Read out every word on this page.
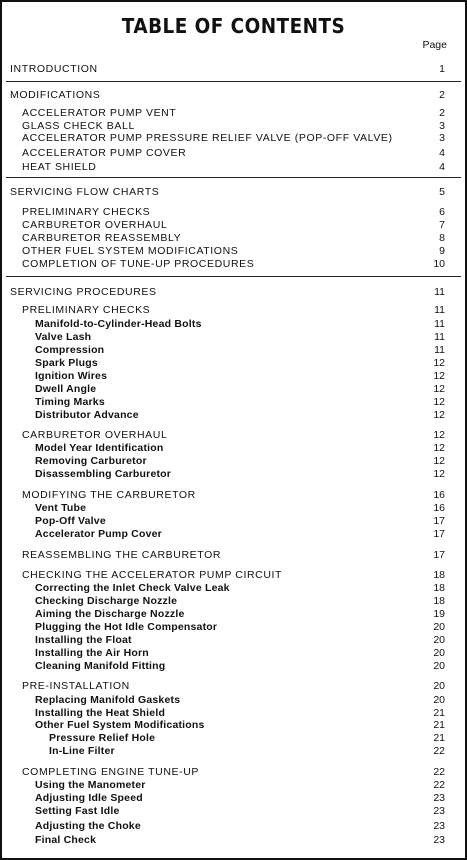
TABLE OF CONTENTS
Page
INTRODUCTION	1
MODIFICATIONS	2
ACCELERATOR PUMP VENT	2
GLASS CHECK BALL	3
ACCELERATOR PUMP PRESSURE RELIEF VALVE (POP-OFF VALVE)	3
ACCELERATOR PUMP COVER	4
HEAT SHIELD	4
SERVICING FLOW CHARTS	5
PRELIMINARY CHECKS	6
CARBURETOR OVERHAUL	7
CARBURETOR REASSEMBLY	8
OTHER FUEL SYSTEM MODIFICATIONS	9
COMPLETION OF TUNE-UP PROCEDURES	10
SERVICING PROCEDURES	11
PRELIMINARY CHECKS	11
Manifold-to-Cylinder-Head Bolts	11
Valve Lash	11
Compression	11
Spark Plugs	12
Ignition Wires	12
Dwell Angle	12
Timing Marks	12
Distributor Advance	12
CARBURETOR OVERHAUL	12
Model Year Identification	12
Removing Carburetor	12
Disassembling Carburetor	12
MODIFYING THE CARBURETOR	16
Vent Tube	16
Pop-Off Valve	17
Accelerator Pump Cover	17
REASSEMBLING THE CARBURETOR	17
CHECKING THE ACCELERATOR PUMP CIRCUIT	18
Correcting the Inlet Check Valve Leak	18
Checking Discharge Nozzle	18
Aiming the Discharge Nozzle	19
Plugging the Hot Idle Compensator	20
Installing the Float	20
Installing the Air Horn	20
Cleaning Manifold Fitting	20
PRE-INSTALLATION	20
Replacing Manifold Gaskets	20
Installing the Heat Shield	21
Other Fuel System Modifications	21
Pressure Relief Hole	21
In-Line Filter	22
COMPLETING ENGINE TUNE-UP	22
Using the Manometer	22
Adjusting Idle Speed	23
Setting Fast Idle	23
Adjusting the Choke	23
Final Check	23
